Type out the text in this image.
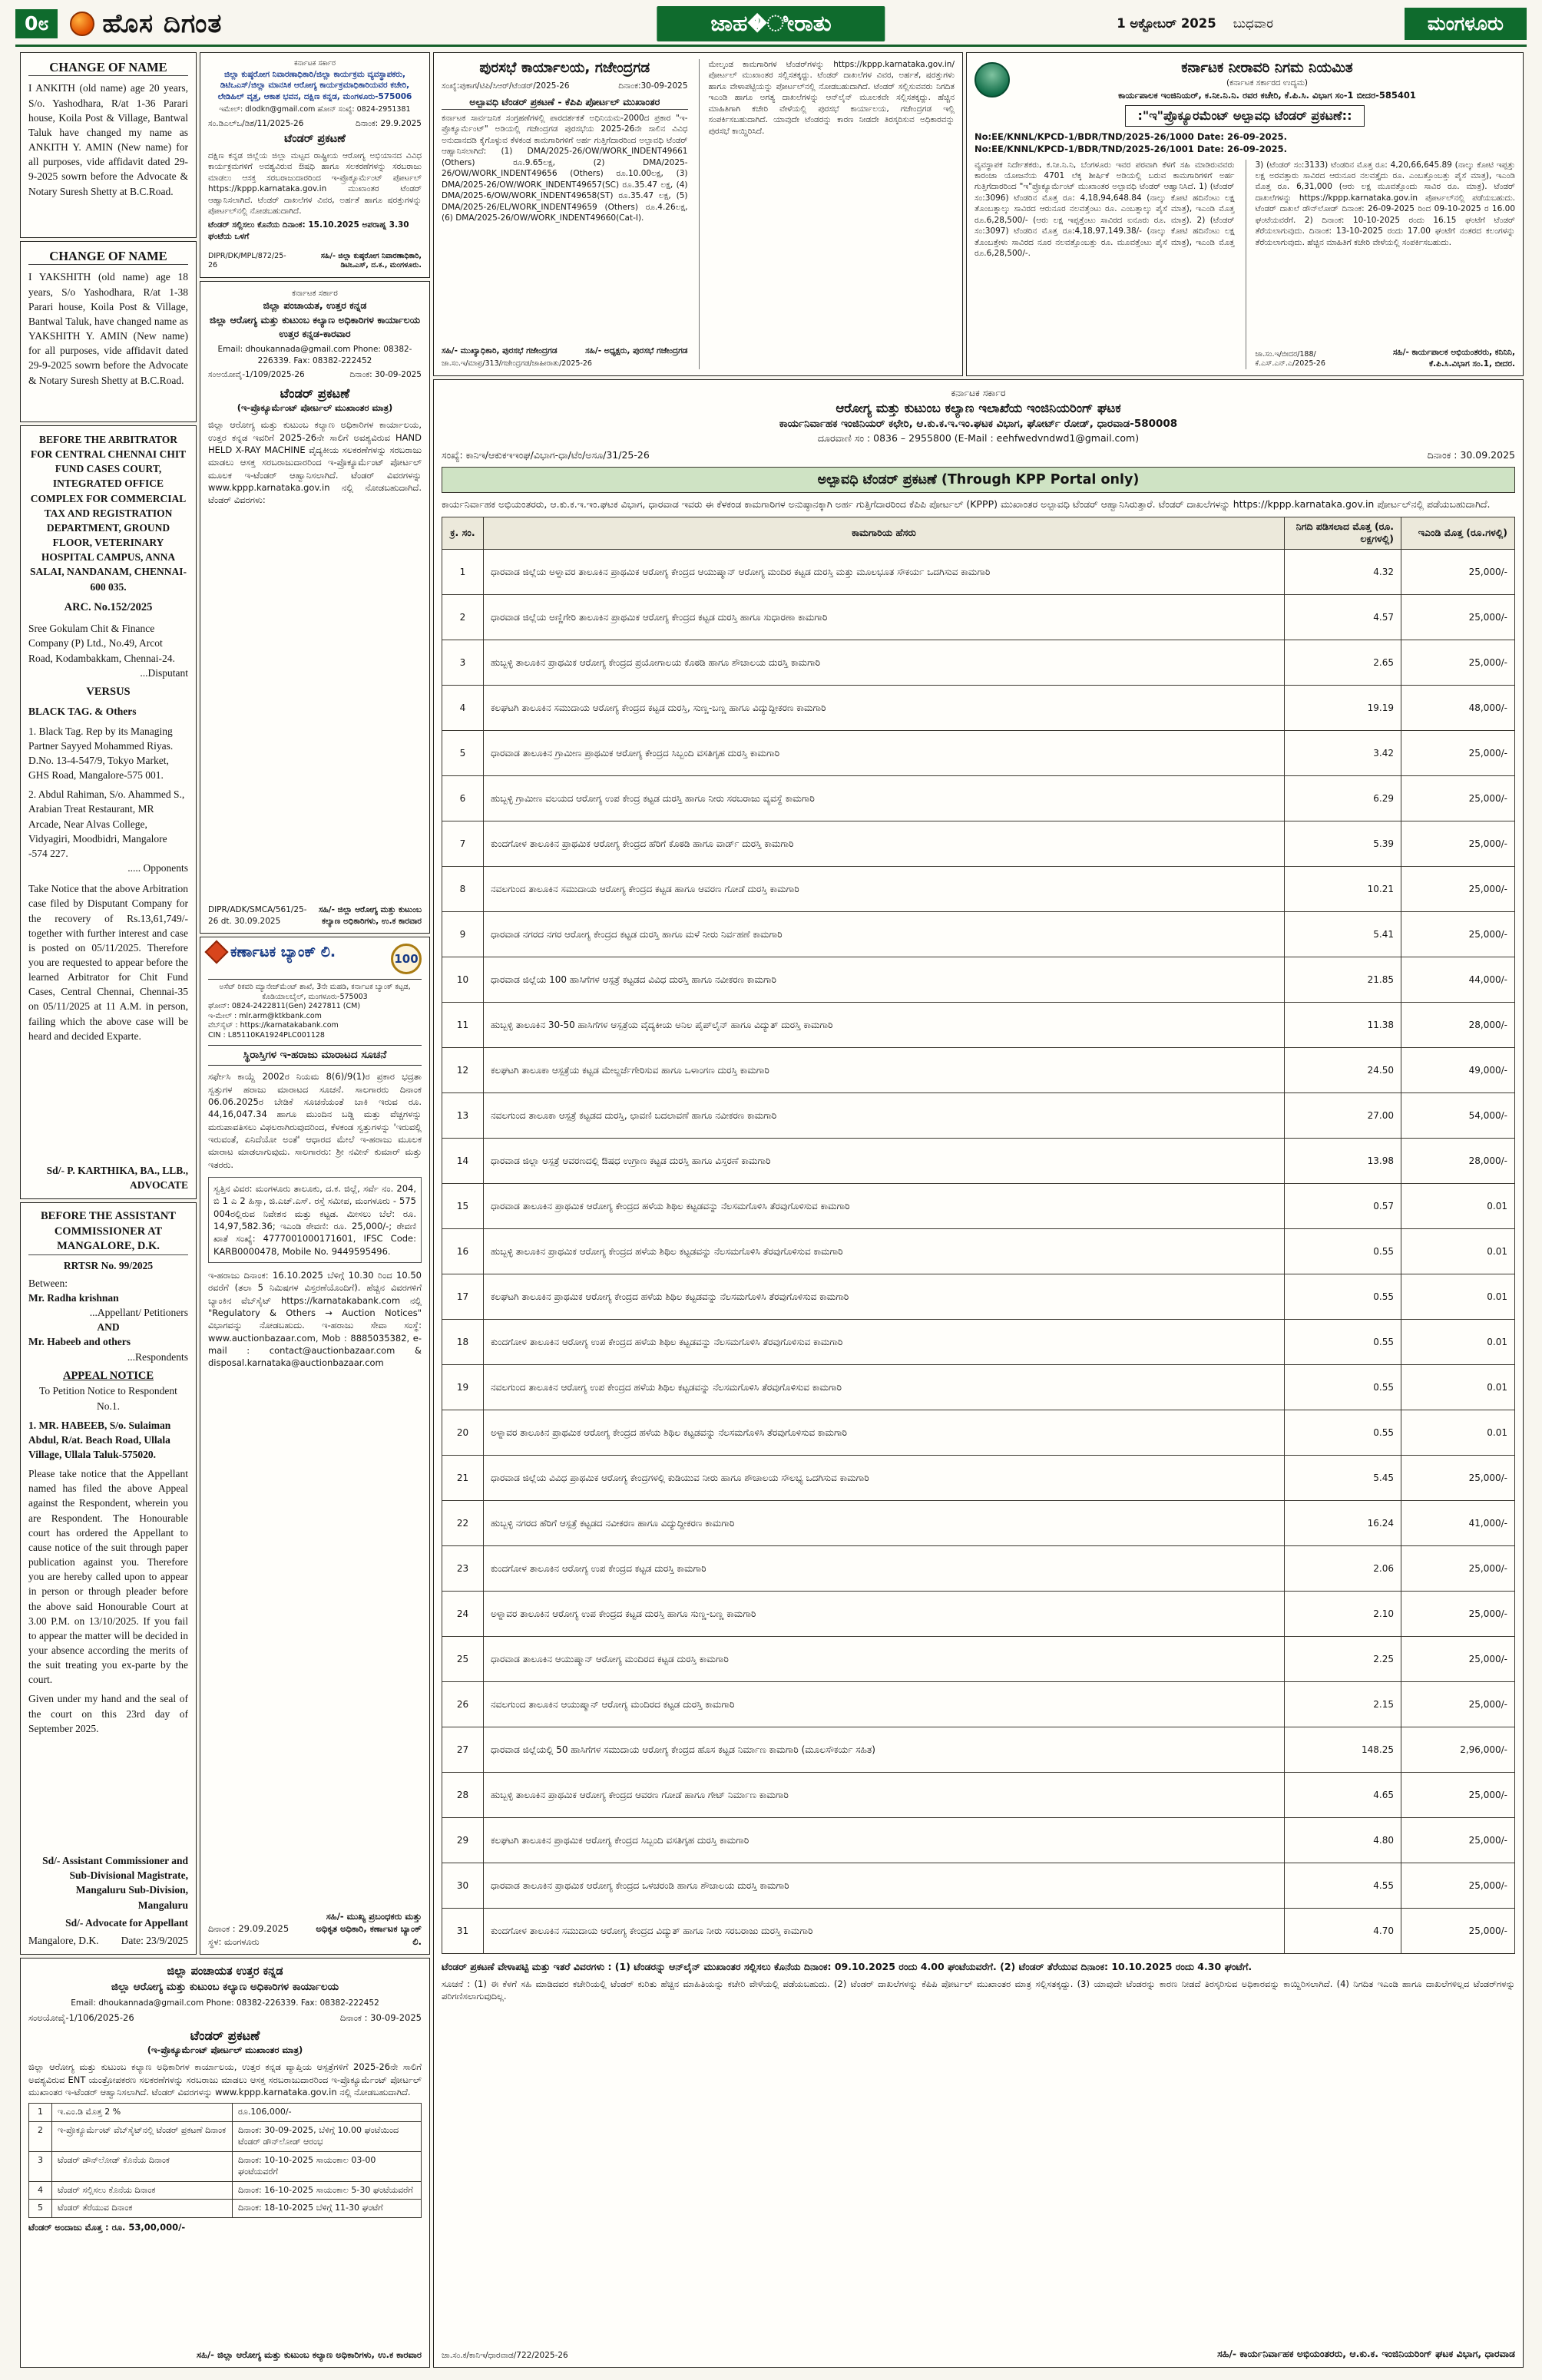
0೮	ಹೊಸ ದಿಗಂತ	ಜಾಹ�ೀರಾತು	1 ಅಕ್ಟೋಬರ್ 2025 ಬುಧವಾರ	ಮಂಗಳೂರು
CHANGE OF NAME

I ANKITH (old name) age 20 years, S/o. Yashodhara, R/at 1-36 Parari house, Koila Post & Village, Bantwal Taluk have changed my name as ANKITH Y. AMIN (New name) for all purposes, vide affidavit dated 29-9-2025 sowrn before the Advocate & Notary Suresh Shetty at B.C.Road.

CHANGE OF NAME

I YAKSHITH (old name) age 18 years, S/o Yashodhara, R/at 1-38 Parari house, Koila Post & Village, Bantwal Taluk, have changed name as YAKSHITH Y. AMIN (New name) for all purposes, vide affidavit dated 29-9-2025 sowrn before the Advocate & Notary Suresh Shetty at B.C.Road.

BEFORE THE ARBITRATOR FOR CENTRAL CHENNAI CHIT FUND CASES COURT, INTEGRATED OFFICE COMPLEX FOR COMMERCIAL TAX AND REGISTRATION DEPARTMENT, GROUND FLOOR, VETERINARY HOSPITAL CAMPUS, ANNA SALAI, NANDANAM, CHENNAI-600 035.
ARC. No.152/2025

Sree Gokulam Chit & Finance Company (P) Ltd., No.49, Arcot Road, Kodambakkam, Chennai-24.

...Disputant
VERSUS
BLACK TAG. & Others

1. Black Tag. Rep by its Managing Partner Sayyed Mohammed Riyas. D.No. 13-4-547/9, Tokyo Market, GHS Road, Mangalore-575 001.

2. Abdul Rahiman, S/o. Ahammed S., Arabian Treat Restaurant, MR Arcade, Near Alvas College, Vidyagiri, Moodbidri, Mangalore -574 227.

..... Opponents

Take Notice that the above Arbitration case filed by Disputant Company for the recovery of Rs.13,61,749/- together with further interest and case is posted on 05/11/2025. Therefore you are requested to appear before the learned Arbitrator for Chit Fund Cases, Central Chennai, Chennai-35 on 05/11/2025 at 11 A.M. in person, failing which the above case will be heard and decided Exparte.

Sd/- P. KARTHIKA, BA., LLB.,
ADVOCATE
BEFORE THE ASSISTANT COMMISSIONER AT MANGALORE, D.K.
RRTSR No. 99/2025
Between:
Mr. Radha krishnan
...Appellant/ Petitioners
AND
Mr. Habeeb and others
...Respondents
APPEAL NOTICE
To Petition Notice to Respondent No.1.

1. MR. HABEEB, S/o. Sulaiman Abdul, R/at. Beach Road, Ullala Village, Ullala Taluk-575020.

Please take notice that the Appellant named has filed the above Appeal against the Respondent, wherein you are Respondent. The Honourable court has ordered the Appellant to cause notice of the suit through paper publication against you. Therefore you are hereby called upon to appear in person or through pleader before the above said Honourable Court at 3.00 P.M. on 13/10/2025. If you fail to appear the matter will be decided in your absence according the merits of the suit treating you ex-parte by the court.

Given under my hand and the seal of the court on this 23rd day of September 2025.

Sd/- Assistant Commissioner and Sub-Divisional Magistrate, Mangaluru Sub-Division, Mangaluru

Sd/- Advocate for Appellant

Mangalore, D.K. Date: 23/9/2025
ಕರ್ನಾಟಕ ಸರ್ಕಾರ
ಜಿಲ್ಲಾ ಕುಷ್ಠರೋಗ ನಿವಾರಣಾಧಿಕಾರಿ/ಜಿಲ್ಲಾ ಕಾರ್ಯಕ್ರಮ ವ್ಯವಸ್ಥಾಪಕರು, ಡಿಟಿಒಎಸ್/ಜಿಲ್ಲಾ ಮಾನಸಿಕ ಆರೋಗ್ಯ ಕಾರ್ಯಕ್ರಮಾಧಿಕಾರಿಯವರ ಕಚೇರಿ,
ಲೇಡಿಹಿಲ್ ವೃತ್ತ, ಆಕಾಶ ಭವನ, ದಕ್ಷಿಣ ಕನ್ನಡ, ಮಂಗಳೂರು-575006
ಇಮೇಲ್: dlodkn@gmail.com ಹೋನ್ ಸಂಖ್ಯೆ: 0824-2951381
ಸಂ.ಡಿಎಲ್ಒ/ಡಿಶ/11/2025-26	ದಿನಾಂಕ: 29.9.2025
ಟೆಂಡರ್ ಪ್ರಕಟಣೆ

ದಕ್ಷಿಣ ಕನ್ನಡ ಜಿಲ್ಲೆಯ ಜಿಲ್ಲಾ ಮಟ್ಟದ ರಾಷ್ಟ್ರೀಯ ಆರೋಗ್ಯ ಅಭಿಯಾನದ ವಿವಿಧ ಕಾರ್ಯಕ್ರಮಗಳಿಗೆ ಅವಶ್ಯವಿರುವ ಔಷಧಿ ಹಾಗೂ ಸಲಕರಣೆಗಳನ್ನು ಸರಬರಾಜು ಮಾಡಲು ಆಸಕ್ತ ಸರಬರಾಜುದಾರರಿಂದ ಇ-ಪ್ರೊಕ್ಯೂರ್ಮೆಂಟ್ ಪೋರ್ಟಲ್ https://kppp.karnataka.gov.in ಮುಖಾಂತರ ಟೆಂಡರ್ ಆಹ್ವಾನಿಸಲಾಗಿದೆ. ಟೆಂಡರ್ ದಾಖಲೆಗಳ ವಿವರ, ಅರ್ಹತೆ ಹಾಗೂ ಷರತ್ತುಗಳನ್ನು ಪೋರ್ಟಲ್‌ನಲ್ಲಿ ನೋಡಬಹುದಾಗಿದೆ.

ಟೆಂಡರ್ ಸಲ್ಲಿಸಲು ಕೊನೆಯ ದಿನಾಂಕ: 15.10.2025 ಅಪರಾಹ್ನ 3.30 ಘಂಟೆಯ ಒಳಗೆ

DIPR/DK/MPL/872/25-26
ಸಹಿ/- ಜಿಲ್ಲಾ ಕುಷ್ಠರೋಗ ನಿವಾರಣಾಧಿಕಾರಿ, ಡಿಟಿಒಎಸ್, ದ.ಕ., ಮಂಗಳೂರು.
ಕರ್ನಾಟಕ ಸರ್ಕಾರ
ಜಿಲ್ಲಾ ಪಂಚಾಯತ, ಉತ್ತರ ಕನ್ನಡ
ಜಿಲ್ಲಾ ಆರೋಗ್ಯ ಮತ್ತು ಕುಟುಂಬ ಕಲ್ಯಾಣ ಅಧಿಕಾರಿಗಳ ಕಾರ್ಯಾಲಯ
ಉತ್ತರ ಕನ್ನಡ-ಕಾರವಾರ
Email: dhoukannada@gmail.com Phone: 08382-226339. Fax: 08382-222452
ಸಂಅಯೋವೈ-1/109/2025-26	ದಿನಾಂಕ: 30-09-2025
ಟೆಂಡರ್ ಪ್ರಕಟಣೆ
(ಇ-ಪ್ರೊಕ್ಯೂರ್ಮೆಂಟ್ ಪೋರ್ಟಲ್ ಮುಖಾಂತರ ಮಾತ್ರ)

ಜಿಲ್ಲಾ ಆರೋಗ್ಯ ಮತ್ತು ಕುಟುಂಬ ಕಲ್ಯಾಣ ಅಧಿಕಾರಿಗಳ ಕಾರ್ಯಾಲಯ, ಉತ್ತರ ಕನ್ನಡ ಇವರಿಗೆ 2025-26ನೇ ಸಾಲಿಗೆ ಅವಶ್ಯವಿರುವ HAND HELD X-RAY MACHINE ವೈದ್ಯಕೀಯ ಸಲಕರಣೆಗಳನ್ನು ಸರಬರಾಜು ಮಾಡಲು ಆಸಕ್ತ ಸರಬರಾಜುದಾರರಿಂದ ಇ-ಪ್ರೊಕ್ಯೂರ್ಮೆಂಟ್ ಪೋರ್ಟಲ್ ಮೂಲಕ ಇ-ಟೆಂಡರ್ ಆಹ್ವಾನಿಸಲಾಗಿದೆ. ಟೆಂಡರ್ ವಿವರಗಳನ್ನು www.kppp.karnataka.gov.in ನಲ್ಲಿ ನೋಡಬಹುದಾಗಿದೆ. ಟೆಂಡರ್ ವಿವರಗಳು:

DIPR/ADK/SMCA/561/25-26 dt. 30.09.2025
ಸಹಿ/- ಜಿಲ್ಲಾ ಆರೋಗ್ಯ ಮತ್ತು ಕುಟುಂಬ ಕಲ್ಯಾಣ ಅಧಿಕಾರಿಗಳು, ಉ.ಕ ಕಾರವಾರ
ಕರ್ಣಾಟಕ ಬ್ಯಾಂಕ್ ಲಿ.	100
ಅಸೆಟ್ ರಿಕವರಿ ಮ್ಯಾನೇಜ್‌ಮೆಂಟ್ ಶಾಖೆ, 3ನೇ ಮಹಡಿ, ಕರ್ನಾಟಕ ಬ್ಯಾಂಕ್ ಕಟ್ಟಡ, ಕೊಡಿಯಾಲಬೈಲ್, ಮಂಗಳೂರು-575003
ಘೋನ್: 0824-2422811(Gen) 2427811 (CM)
ಇ-ಮೇಲ್ : mlr.arm@ktkbank.com
ವೆಬ್‌ಸೈಟ್ : https://karnatakabank.com
CIN : L85110KA1924PLC001128
ಸ್ಥಿರಾಸ್ತಿಗಳ ಇ-ಹರಾಜು ಮಾರಾಟದ ಸೂಚನೆ

ಸರ್ಫೇಸಿ ಕಾಯ್ದೆ 2002ರ ನಿಯಮ 8(6)/9(1)ರ ಪ್ರಕಾರ ಭದ್ರತಾ ಸ್ವತ್ತುಗಳ ಹರಾಜು ಮಾರಾಟದ ಸೂಚನೆ. ಸಾಲಗಾರರು ದಿನಾಂಕ 06.06.2025ರ ಬೇಡಿಕೆ ಸೂಚನೆಯಂತೆ ಬಾಕಿ ಇರುವ ರೂ. 44,16,047.34 ಹಾಗೂ ಮುಂದಿನ ಬಡ್ಡಿ ಮತ್ತು ವೆಚ್ಚಗಳನ್ನು ಮರುಪಾವತಿಸಲು ವಿಫಲರಾಗಿರುವುದರಿಂದ, ಕೆಳಕಂಡ ಸ್ವತ್ತುಗಳನ್ನು 'ಇರುವಲ್ಲಿ ಇರುವಂತೆ, ಏನಿದೆಯೋ ಅಂತೆ' ಆಧಾರದ ಮೇಲೆ ಇ-ಹರಾಜು ಮೂಲಕ ಮಾರಾಟ ಮಾಡಲಾಗುವುದು. ಸಾಲಗಾರರು: ಶ್ರೀ ನವೀನ್ ಕುಮಾರ್ ಮತ್ತು ಇತರರು.

ಸ್ವತ್ತಿನ ವಿವರ: ಮಂಗಳೂರು ತಾಲೂಕು, ದ.ಕ. ಜಿಲ್ಲೆ, ಸರ್ವೆ ನಂ. 204, ಬಿ 1 ಎ 2 ಹಿಸ್ಸಾ, ಜಿ.ಎಚ್.ಎಸ್. ರಸ್ತೆ ಸಮೀಪ, ಮಂಗಳೂರು - 575 004ರಲ್ಲಿರುವ ನಿವೇಶನ ಮತ್ತು ಕಟ್ಟಡ. ಮೀಸಲು ಬೆಲೆ: ರೂ. 14,97,582.36; ಇಎಂಡಿ ಠೇವಣಿ: ರೂ. 25,000/-; ಠೇವಣಿ ಖಾತೆ ಸಂಖ್ಯೆ: 4777001000171601, IFSC Code: KARB0000478, Mobile No. 9449595496.

ಇ-ಹರಾಜು ದಿನಾಂಕ: 16.10.2025 ಬೆಳಿಗ್ಗೆ 10.30 ರಿಂದ 10.50 ರವರೆಗೆ (ತಲಾ 5 ನಿಮಿಷಗಳ ವಿಸ್ತರಣೆಯೊಂದಿಗೆ). ಹೆಚ್ಚಿನ ವಿವರಗಳಿಗೆ ಬ್ಯಾಂಕಿನ ವೆಬ್‌ಸೈಟ್ https://karnatakabank.com ನಲ್ಲಿ "Regulatory & Others → Auction Notices" ವಿಭಾಗವನ್ನು ನೋಡಬಹುದು. ಇ-ಹರಾಜು ಸೇವಾ ಸಂಸ್ಥೆ: www.auctionbazaar.com, Mob : 8885035382, e-mail : contact@auctionbazaar.com & disposal.karnataka@auctionbazaar.com

ದಿನಾಂಕ : 29.09.2025
ಸ್ಥಳ: ಮಂಗಳೂರು
ಸಹಿ/- ಮುಖ್ಯ ಪ್ರಬಂಧಕರು ಮತ್ತು ಅಧಿಕೃತ ಅಧಿಕಾರಿ, ಕರ್ಣಾಟಕ ಬ್ಯಾಂಕ್ ಲಿ.
ಜಿಲ್ಲಾ ಪಂಚಾಯತ ಉತ್ತರ ಕನ್ನಡ
ಜಿಲ್ಲಾ ಆರೋಗ್ಯ ಮತ್ತು ಕುಟುಂಬ ಕಲ್ಯಾಣ ಅಧಿಕಾರಿಗಳ ಕಾರ್ಯಾಲಯ
Email: dhoukannada@gmail.com Phone: 08382-226339. Fax: 08382-222452
ಸಂಅಯೋವೈ-1/106/2025-26	ದಿನಾಂಕ : 30-09-2025
ಟೆಂಡರ್ ಪ್ರಕಟಣೆ
(ಇ-ಪ್ರೊಕ್ಯೂರ್ಮೆಂಟ್ ಪೋರ್ಟಲ್ ಮುಖಾಂತರ ಮಾತ್ರ)

ಜಿಲ್ಲಾ ಆರೋಗ್ಯ ಮತ್ತು ಕುಟುಂಬ ಕಲ್ಯಾಣ ಅಧಿಕಾರಿಗಳ ಕಾರ್ಯಾಲಯ, ಉತ್ತರ ಕನ್ನಡ ವ್ಯಾಪ್ತಿಯ ಆಸ್ಪತ್ರೆಗಳಿಗೆ 2025-26ನೇ ಸಾಲಿಗೆ ಅವಶ್ಯವಿರುವ ENT ಯಂತ್ರೋಪಕರಣ ಸಲಕರಣೆಗಳನ್ನು ಸರಬರಾಜು ಮಾಡಲು ಆಸಕ್ತ ಸರಬರಾಜುದಾರರಿಂದ ಇ-ಪ್ರೊಕ್ಯೂರ್ಮೆಂಟ್ ಪೋರ್ಟಲ್ ಮುಖಾಂತರ ಇ-ಟೆಂಡರ್ ಆಹ್ವಾನಿಸಲಾಗಿದೆ. ಟೆಂಡರ್ ವಿವರಗಳನ್ನು www.kppp.karnataka.gov.in ನಲ್ಲಿ ನೋಡಬಹುದಾಗಿದೆ.

1	ಇ.ಎಂ.ಡಿ ಮೊತ್ತ 2 %	ರೂ.106,000/-
2	ಇ-ಪ್ರೊಕ್ಯೂರ್ಮೆಂಟ್ ವೆಬ್‌ಸೈಟ್‌ನಲ್ಲಿ ಟೆಂಡರ್ ಪ್ರಕಟಣೆ ದಿನಾಂಕ	ದಿನಾಂಕ: 30-09-2025, ಬೆಳಿಗ್ಗೆ 10.00 ಘಂಟೆಯಿಂದ ಟೆಂಡರ್ ಡೌನ್‌ಲೋಡ್ ಆರಂಭ
3	ಟೆಂಡರ್ ಡೌನ್‌ಲೋಡ್ ಕೊನೆಯ ದಿನಾಂಕ	ದಿನಾಂಕ: 10-10-2025 ಸಾಯಂಕಾಲ 03-00 ಘಂಟೆಯವರೆಗೆ
4	ಟೆಂಡರ್ ಸಲ್ಲಿಸಲು ಕೊನೆಯ ದಿನಾಂಕ	ದಿನಾಂಕ: 16-10-2025 ಸಾಯಂಕಾಲ 5-30 ಘಂಟೆಯವರೆಗೆ
5	ಟೆಂಡರ್ ತೆರೆಯುವ ದಿನಾಂಕ	ದಿನಾಂಕ: 18-10-2025 ಬೆಳಿಗ್ಗೆ 11-30 ಘಂಟೆಗೆ
ಟೆಂಡರ್ ಅಂದಾಜು ಮೊತ್ತ : ರೂ. 53,00,000/-
ಸಹಿ/- ಜಿಲ್ಲಾ ಆರೋಗ್ಯ ಮತ್ತು ಕುಟುಂಬ ಕಲ್ಯಾಣ ಅಧಿಕಾರಿಗಳು, ಉ.ಕ ಕಾರವಾರ
ಪುರಸಭೆ ಕಾರ್ಯಾಲಯ, ಗಜೇಂದ್ರಗಡ
ಸಂಖ್ಯೆ:ಪುಕಾಗ/ಟಿಪಿ/ಸಿಆರ್/ಟೆಂಡರ್/2025-26	ದಿನಾಂಕ:30-09-2025
ಅಲ್ಪಾವಧಿ ಟೆಂಡರ್ ಪ್ರಕಟಣೆ - ಕೆಪಿಪಿ ಪೋರ್ಟಲ್ ಮುಖಾಂತರ

ಕರ್ನಾಟಕ ಸಾರ್ವಜನಿಕ ಸಂಗ್ರಹಣೆಗಳಲ್ಲಿ ಪಾರದರ್ಶಕತೆ ಅಧಿನಿಯಮ-2000ದ ಪ್ರಕಾರ "ಇ-ಪ್ರೊಕ್ಯೂರ್ಮೆಂಟ್" ಅಡಿಯಲ್ಲಿ ಗಜೇಂದ್ರಗಡ ಪುರಸಭೆಯ 2025-26ನೇ ಸಾಲಿನ ವಿವಿಧ ಅನುದಾನದಡಿ ಕೈಗೊಳ್ಳುವ ಕೆಳಕಂಡ ಕಾಮಗಾರಿಗಳಿಗೆ ಅರ್ಹ ಗುತ್ತಿಗೆದಾರರಿಂದ ಅಲ್ಪಾವಧಿ ಟೆಂಡರ್ ಆಹ್ವಾನಿಸಲಾಗಿದೆ: (1) DMA/2025-26/OW/WORK_INDENT49661 (Others) ರೂ.9.65ಲಕ್ಷ, (2) DMA/2025-26/OW/WORK_INDENT49656 (Others) ರೂ.10.00ಲಕ್ಷ, (3) DMA/2025-26/OW/WORK_INDENT49657(SC) ರೂ.35.47 ಲಕ್ಷ, (4) DMA/2025-6/OW/WORK_INDENT49658(ST) ರೂ.35.47 ಲಕ್ಷ, (5) DMA/2025-26/EL/WORK_INDENT49659 (Others) ರೂ.4.26ಲಕ್ಷ, (6) DMA/2025-26/OW/WORK_INDENT49660(Cat-I).

ಸಹಿ/- ಮುಖ್ಯಾಧಿಕಾರಿ, ಪುರಸಭೆ ಗಜೇಂದ್ರಗಡ	ಸಹಿ/- ಅಧ್ಯಕ್ಷರು, ಪುರಸಭೆ ಗಜೇಂದ್ರಗಡ
ಜಾ.ಸಂ.ಇ/ಮಾಪ್ರ/313/ಗಜೇಂದ್ರಗಡ/ಜಾಹೀರಾತು/2025-26

ಮೇಲ್ಕಂಡ ಕಾಮಗಾರಿಗಳ ಟೆಂಡರ್‌ಗಳನ್ನು https://kppp.karnataka.gov.in/ ಪೋರ್ಟಲ್ ಮುಖಾಂತರ ಸಲ್ಲಿಸತಕ್ಕದ್ದು. ಟೆಂಡರ್ ದಾಖಲೆಗಳ ವಿವರ, ಅರ್ಹತೆ, ಷರತ್ತುಗಳು ಹಾಗೂ ವೇಳಾಪಟ್ಟಿಯನ್ನು ಪೋರ್ಟಲ್‌ನಲ್ಲಿ ನೋಡಬಹುದಾಗಿದೆ. ಟೆಂಡರ್ ಸಲ್ಲಿಸುವವರು ನಿಗದಿತ ಇಎಂಡಿ ಹಾಗೂ ಅಗತ್ಯ ದಾಖಲೆಗಳನ್ನು ಆನ್‌ಲೈನ್ ಮೂಲಕವೇ ಸಲ್ಲಿಸತಕ್ಕದ್ದು. ಹೆಚ್ಚಿನ ಮಾಹಿತಿಗಾಗಿ ಕಚೇರಿ ವೇಳೆಯಲ್ಲಿ ಪುರಸಭೆ ಕಾರ್ಯಾಲಯ, ಗಜೇಂದ್ರಗಡ ಇಲ್ಲಿ ಸಂಪರ್ಕಿಸಬಹುದಾಗಿದೆ. ಯಾವುದೇ ಟೆಂಡರನ್ನು ಕಾರಣ ನೀಡದೇ ತಿರಸ್ಕರಿಸುವ ಅಧಿಕಾರವನ್ನು ಪುರಸಭೆ ಕಾಯ್ದಿರಿಸಿದೆ.

ಕರ್ನಾಟಕ ನೀರಾವರಿ ನಿಗಮ ನಿಯಮಿತ
(ಕರ್ನಾಟಕ ಸರ್ಕಾರದ ಉದ್ಯಮ)
ಕಾರ್ಯಪಾಲಕ ಇಂಜಿನಿಯರ್, ಕ.ನೀ.ನಿ.ನಿ. ರವರ ಕಚೇರಿ, ಕೆ.ಪಿ.ಸಿ. ವಿಭಾಗ ಸಂ-1 ಬೀದರ-585401
:"ಇ"ಪ್ರೊಕ್ಯೂರಮೆಂಟ್ ಅಲ್ಪಾವಧಿ ಟೆಂಡರ್ ಪ್ರಕಟಣೆ::
No:EE/KNNL/KPCD-1/BDR/TND/2025-26/1000 Date: 26-09-2025.
No:EE/KNNL/KPCD-1/BDR/TND/2025-26/1001 Date: 26-09-2025.

ವ್ಯವಸ್ಥಾಪಕ ನಿರ್ದೇಶಕರು, ಕ.ನೀ.ನಿ.ನಿ, ಬೆಂಗಳೂರು ಇವರ ಪರವಾಗಿ ಕೆಳಗೆ ಸಹಿ ಮಾಡಿರುವವರು ಕಾರಂಜಾ ಯೋಜನೆಯ 4701 ಲೆಕ್ಕ ಶೀರ್ಷಿಕೆ ಅಡಿಯಲ್ಲಿ ಬರುವ ಕಾಮಗಾರಿಗಳಿಗೆ ಅರ್ಹ ಗುತ್ತಿಗೆದಾರರಿಂದ "ಇ"ಪ್ರೊಕ್ಯೂರ್ಮೆಂಟ್ ಮುಖಾಂತರ ಅಲ್ಪಾವಧಿ ಟೆಂಡರ್ ಆಹ್ವಾನಿಸಿದೆ. 1) (ಟೆಂಡರ್ ಸಂ:3096) ಟೆಂಡರಿನ ಮೊತ್ತ ರೂ: 4,18,94,648.84 (ನಾಲ್ಕು ಕೋಟಿ ಹದಿನೆಂಟು ಲಕ್ಷ ತೊಂಬತ್ನಾಲ್ಕು ಸಾವಿರದ ಆರುನೂರ ನಲವತ್ತೆಂಟು ರೂ. ಎಂಬತ್ನಾಲ್ಕು ಪೈಸೆ ಮಾತ್ರ), ಇಎಂಡಿ ಮೊತ್ತ ರೂ.6,28,500/- (ಆರು ಲಕ್ಷ ಇಪ್ಪತ್ತೆಂಟು ಸಾವಿರದ ಐನೂರು ರೂ. ಮಾತ್ರ). 2) (ಟೆಂಡರ್ ಸಂ:3097) ಟೆಂಡರಿನ ಮೊತ್ತ ರೂ:4,18,97,149.38/- (ನಾಲ್ಕು ಕೋಟಿ ಹದಿನೆಂಟು ಲಕ್ಷ ತೊಂಬತ್ತೇಳು ಸಾವಿರದ ನೂರ ನಲವತ್ತೊಂಬತ್ತು ರೂ. ಮೂವತ್ತೆಂಟು ಪೈಸೆ ಮಾತ್ರ), ಇಎಂಡಿ ಮೊತ್ತ ರೂ.6,28,500/-.

3) (ಟೆಂಡರ್ ಸಂ:3133) ಟೆಂಡರಿನ ಮೊತ್ತ ರೂ: 4,20,66,645.89 (ನಾಲ್ಕು ಕೋಟಿ ಇಪ್ಪತ್ತು ಲಕ್ಷ ಅರವತ್ತಾರು ಸಾವಿರದ ಆರುನೂರ ನಲವತ್ತೈದು ರೂ. ಎಂಬತ್ತೊಂಬತ್ತು ಪೈಸೆ ಮಾತ್ರ), ಇಎಂಡಿ ಮೊತ್ತ ರೂ. 6,31,000 (ಆರು ಲಕ್ಷ ಮೂವತ್ತೊಂದು ಸಾವಿರ ರೂ. ಮಾತ್ರ). ಟೆಂಡರ್ ದಾಖಲೆಗಳನ್ನು https://kppp.karnataka.gov.in ಪೋರ್ಟಲ್‌ನಲ್ಲಿ ಪಡೆಯಬಹುದು. ಟೆಂಡರ್ ದಾಖಲೆ ಡೌನ್‌ಲೋಡ್ ದಿನಾಂಕ: 26-09-2025 ರಿಂದ 09-10-2025 ರ 16.00 ಘಂಟೆಯವರೆಗೆ. 2) ದಿನಾಂಕ: 10-10-2025 ರಂದು 16.15 ಘಂಟೆಗೆ ಟೆಂಡರ್ ತೆರೆಯಲಾಗುವುದು. ದಿನಾಂಕ: 13-10-2025 ರಂದು 17.00 ಘಂಟೆಗೆ ನಂತರದ ಕಲಂಗಳನ್ನು ತೆರೆಯಲಾಗುವುದು. ಹೆಚ್ಚಿನ ಮಾಹಿತಿಗೆ ಕಚೇರಿ ವೇಳೆಯಲ್ಲಿ ಸಂಪರ್ಕಿಸಬಹುದು.

ಜಾ.ಸಂ.ಇ/ಬೀದರ/188/ಕೆ.ಎಸ್.ಎನ್.ಎ/2025-26
ಸಹಿ/- ಕಾರ್ಯಪಾಲಕ ಅಭಿಯಂತರರು, ಕನಿನಿನಿ, ಕೆ.ಪಿ.ಸಿ.ವಿಭಾಗ ಸಂ.1, ಬೀದರ.
ಕರ್ನಾಟಕ ಸರ್ಕಾರ
ಆರೋಗ್ಯ ಮತ್ತು ಕುಟುಂಬ ಕಲ್ಯಾಣ ಇಲಾಖೆಯ ಇಂಜಿನಿಯರಿಂಗ್ ಘಟಕ
ಕಾರ್ಯನಿರ್ವಾಹಕ ಇಂಜಿನಿಯರ್ ಕಛೇರಿ, ಆ.ಕು.ಕ.ಇ.ಇಂ.ಘಟಕ ವಿಭಾಗ, ಘೋರ್ಟ್ ರೋಡ್, ಧಾರವಾಡ-580008
ದೂರವಾಣಿ ಸಂ : 0836 – 2955800 (E-Mail : eehfwedvndwd1@gmail.com)
ಸಂಖ್ಯೆ: ಕಾನಿಇ/ಆಕುಕಇಇಂಘ/ವಿಭಾಗ-ಧಾ/ಟೆಂ/ಅಸೂ/31/25-26	ದಿನಾಂಕ : 30.09.2025
ಅಲ್ಪಾವಧಿ ಟೆಂಡರ್ ಪ್ರಕಟಣೆ (Through KPP Portal only)

ಕಾರ್ಯನಿರ್ವಾಹಕ ಅಭಿಯಂತರರು, ಆ.ಕು.ಕ.ಇ.ಇಂ.ಘಟಕ ವಿಭಾಗ, ಧಾರವಾಡ ಇವರು ಈ ಕೆಳಕಂಡ ಕಾಮಗಾರಿಗಳ ಅನುಷ್ಠಾನಕ್ಕಾಗಿ ಅರ್ಹ ಗುತ್ತಿಗೆದಾರರಿಂದ ಕೆಪಿಪಿ ಪೋರ್ಟಲ್ (KPPP) ಮುಖಾಂತರ ಅಲ್ಪಾವಧಿ ಟೆಂಡರ್ ಆಹ್ವಾನಿಸಿರುತ್ತಾರೆ. ಟೆಂಡರ್ ದಾಖಲೆಗಳನ್ನು https://kppp.karnataka.gov.in ಪೋರ್ಟಲ್‌ನಲ್ಲಿ ಪಡೆಯಬಹುದಾಗಿದೆ.

ಕ್ರ. ಸಂ.	ಕಾಮಗಾರಿಯ ಹೆಸರು	ನಿಗದಿ ಪಡಿಸಲಾದ ಮೊತ್ತ (ರೂ. ಲಕ್ಷಗಳಲ್ಲಿ)	ಇಎಂಡಿ ಮೊತ್ತ (ರೂ.ಗಳಲ್ಲಿ)
1	ಧಾರವಾಡ ಜಿಲ್ಲೆಯ ಅಳ್ನಾವರ ತಾಲೂಕಿನ ಪ್ರಾಥಮಿಕ ಆರೋಗ್ಯ ಕೇಂದ್ರದ ಆಯುಷ್ಮಾನ್ ಆರೋಗ್ಯ ಮಂದಿರ ಕಟ್ಟಡ ದುರಸ್ತಿ ಮತ್ತು ಮೂಲಭೂತ ಸೌಕರ್ಯ ಒದಗಿಸುವ ಕಾಮಗಾರಿ	4.32	25,000/-
2	ಧಾರವಾಡ ಜಿಲ್ಲೆಯ ಅಣ್ಣಿಗೇರಿ ತಾಲೂಕಿನ ಪ್ರಾಥಮಿಕ ಆರೋಗ್ಯ ಕೇಂದ್ರದ ಕಟ್ಟಡ ದುರಸ್ತಿ ಹಾಗೂ ಸುಧಾರಣಾ ಕಾಮಗಾರಿ	4.57	25,000/-
3	ಹುಬ್ಬಳ್ಳಿ ತಾಲೂಕಿನ ಪ್ರಾಥಮಿಕ ಆರೋಗ್ಯ ಕೇಂದ್ರದ ಪ್ರಯೋಗಾಲಯ ಕೊಠಡಿ ಹಾಗೂ ಶೌಚಾಲಯ ದುರಸ್ತಿ ಕಾಮಗಾರಿ	2.65	25,000/-
4	ಕಲಘಟಗಿ ತಾಲೂಕಿನ ಸಮುದಾಯ ಆರೋಗ್ಯ ಕೇಂದ್ರದ ಕಟ್ಟಡ ದುರಸ್ತಿ, ಸುಣ್ಣ-ಬಣ್ಣ ಹಾಗೂ ವಿದ್ಯುದ್ದೀಕರಣ ಕಾಮಗಾರಿ	19.19	48,000/-
5	ಧಾರವಾಡ ತಾಲೂಕಿನ ಗ್ರಾಮೀಣ ಪ್ರಾಥಮಿಕ ಆರೋಗ್ಯ ಕೇಂದ್ರದ ಸಿಬ್ಬಂದಿ ವಸತಿಗೃಹ ದುರಸ್ತಿ ಕಾಮಗಾರಿ	3.42	25,000/-
6	ಹುಬ್ಬಳ್ಳಿ ಗ್ರಾಮೀಣ ವಲಯದ ಆರೋಗ್ಯ ಉಪ ಕೇಂದ್ರ ಕಟ್ಟಡ ದುರಸ್ತಿ ಹಾಗೂ ನೀರು ಸರಬರಾಜು ವ್ಯವಸ್ಥೆ ಕಾಮಗಾರಿ	6.29	25,000/-
7	ಕುಂದಗೋಳ ತಾಲೂಕಿನ ಪ್ರಾಥಮಿಕ ಆರೋಗ್ಯ ಕೇಂದ್ರದ ಹೆರಿಗೆ ಕೊಠಡಿ ಹಾಗೂ ವಾರ್ಡ್ ದುರಸ್ತಿ ಕಾಮಗಾರಿ	5.39	25,000/-
8	ನವಲಗುಂದ ತಾಲೂಕಿನ ಸಮುದಾಯ ಆರೋಗ್ಯ ಕೇಂದ್ರದ ಕಟ್ಟಡ ಹಾಗೂ ಆವರಣ ಗೋಡೆ ದುರಸ್ತಿ ಕಾಮಗಾರಿ	10.21	25,000/-
9	ಧಾರವಾಡ ನಗರದ ನಗರ ಆರೋಗ್ಯ ಕೇಂದ್ರದ ಕಟ್ಟಡ ದುರಸ್ತಿ ಹಾಗೂ ಮಳೆ ನೀರು ನಿರ್ವಹಣೆ ಕಾಮಗಾರಿ	5.41	25,000/-
10	ಧಾರವಾಡ ಜಿಲ್ಲೆಯ 100 ಹಾಸಿಗೆಗಳ ಆಸ್ಪತ್ರೆ ಕಟ್ಟಡದ ವಿವಿಧ ದುರಸ್ತಿ ಹಾಗೂ ನವೀಕರಣ ಕಾಮಗಾರಿ	21.85	44,000/-
11	ಹುಬ್ಬಳ್ಳಿ ತಾಲೂಕಿನ 30-50 ಹಾಸಿಗೆಗಳ ಆಸ್ಪತ್ರೆಯ ವೈದ್ಯಕೀಯ ಅನಿಲ ಪೈಪ್‌ಲೈನ್ ಹಾಗೂ ವಿದ್ಯುತ್ ದುರಸ್ತಿ ಕಾಮಗಾರಿ	11.38	28,000/-
12	ಕಲಘಟಗಿ ತಾಲೂಕಾ ಆಸ್ಪತ್ರೆಯ ಕಟ್ಟಡ ಮೇಲ್ದರ್ಜೆಗೇರಿಸುವ ಹಾಗೂ ಒಳಾಂಗಣ ದುರಸ್ತಿ ಕಾಮಗಾರಿ	24.50	49,000/-
13	ನವಲಗುಂದ ತಾಲೂಕಾ ಆಸ್ಪತ್ರೆ ಕಟ್ಟಡದ ದುರಸ್ತಿ, ಛಾವಣಿ ಬದಲಾವಣೆ ಹಾಗೂ ನವೀಕರಣ ಕಾಮಗಾರಿ	27.00	54,000/-
14	ಧಾರವಾಡ ಜಿಲ್ಲಾ ಆಸ್ಪತ್ರೆ ಆವರಣದಲ್ಲಿ ಔಷಧ ಉಗ್ರಾಣ ಕಟ್ಟಡ ದುರಸ್ತಿ ಹಾಗೂ ವಿಸ್ತರಣೆ ಕಾಮಗಾರಿ	13.98	28,000/-
15	ಧಾರವಾಡ ತಾಲೂಕಿನ ಪ್ರಾಥಮಿಕ ಆರೋಗ್ಯ ಕೇಂದ್ರದ ಹಳೆಯ ಶಿಥಿಲ ಕಟ್ಟಡವನ್ನು ನೆಲಸಮಗೊಳಿಸಿ ತೆರವುಗೊಳಿಸುವ ಕಾಮಗಾರಿ	0.57	0.01
16	ಹುಬ್ಬಳ್ಳಿ ತಾಲೂಕಿನ ಪ್ರಾಥಮಿಕ ಆರೋಗ್ಯ ಕೇಂದ್ರದ ಹಳೆಯ ಶಿಥಿಲ ಕಟ್ಟಡವನ್ನು ನೆಲಸಮಗೊಳಿಸಿ ತೆರವುಗೊಳಿಸುವ ಕಾಮಗಾರಿ	0.55	0.01
17	ಕಲಘಟಗಿ ತಾಲೂಕಿನ ಪ್ರಾಥಮಿಕ ಆರೋಗ್ಯ ಕೇಂದ್ರದ ಹಳೆಯ ಶಿಥಿಲ ಕಟ್ಟಡವನ್ನು ನೆಲಸಮಗೊಳಿಸಿ ತೆರವುಗೊಳಿಸುವ ಕಾಮಗಾರಿ	0.55	0.01
18	ಕುಂದಗೋಳ ತಾಲೂಕಿನ ಆರೋಗ್ಯ ಉಪ ಕೇಂದ್ರದ ಹಳೆಯ ಶಿಥಿಲ ಕಟ್ಟಡವನ್ನು ನೆಲಸಮಗೊಳಿಸಿ ತೆರವುಗೊಳಿಸುವ ಕಾಮಗಾರಿ	0.55	0.01
19	ನವಲಗುಂದ ತಾಲೂಕಿನ ಆರೋಗ್ಯ ಉಪ ಕೇಂದ್ರದ ಹಳೆಯ ಶಿಥಿಲ ಕಟ್ಟಡವನ್ನು ನೆಲಸಮಗೊಳಿಸಿ ತೆರವುಗೊಳಿಸುವ ಕಾಮಗಾರಿ	0.55	0.01
20	ಅಳ್ನಾವರ ತಾಲೂಕಿನ ಪ್ರಾಥಮಿಕ ಆರೋಗ್ಯ ಕೇಂದ್ರದ ಹಳೆಯ ಶಿಥಿಲ ಕಟ್ಟಡವನ್ನು ನೆಲಸಮಗೊಳಿಸಿ ತೆರವುಗೊಳಿಸುವ ಕಾಮಗಾರಿ	0.55	0.01
21	ಧಾರವಾಡ ಜಿಲ್ಲೆಯ ವಿವಿಧ ಪ್ರಾಥಮಿಕ ಆರೋಗ್ಯ ಕೇಂದ್ರಗಳಲ್ಲಿ ಕುಡಿಯುವ ನೀರು ಹಾಗೂ ಶೌಚಾಲಯ ಸೌಲಭ್ಯ ಒದಗಿಸುವ ಕಾಮಗಾರಿ	5.45	25,000/-
22	ಹುಬ್ಬಳ್ಳಿ ನಗರದ ಹೆರಿಗೆ ಆಸ್ಪತ್ರೆ ಕಟ್ಟಡದ ನವೀಕರಣ ಹಾಗೂ ವಿದ್ಯುದ್ದೀಕರಣ ಕಾಮಗಾರಿ	16.24	41,000/-
23	ಕುಂದಗೋಳ ತಾಲೂಕಿನ ಆರೋಗ್ಯ ಉಪ ಕೇಂದ್ರದ ಕಟ್ಟಡ ದುರಸ್ತಿ ಕಾಮಗಾರಿ	2.06	25,000/-
24	ಅಳ್ನಾವರ ತಾಲೂಕಿನ ಆರೋಗ್ಯ ಉಪ ಕೇಂದ್ರದ ಕಟ್ಟಡ ದುರಸ್ತಿ ಹಾಗೂ ಸುಣ್ಣ-ಬಣ್ಣ ಕಾಮಗಾರಿ	2.10	25,000/-
25	ಧಾರವಾಡ ತಾಲೂಕಿನ ಆಯುಷ್ಮಾನ್ ಆರೋಗ್ಯ ಮಂದಿರದ ಕಟ್ಟಡ ದುರಸ್ತಿ ಕಾಮಗಾರಿ	2.25	25,000/-
26	ನವಲಗುಂದ ತಾಲೂಕಿನ ಆಯುಷ್ಮಾನ್ ಆರೋಗ್ಯ ಮಂದಿರದ ಕಟ್ಟಡ ದುರಸ್ತಿ ಕಾಮಗಾರಿ	2.15	25,000/-
27	ಧಾರವಾಡ ಜಿಲ್ಲೆಯಲ್ಲಿ 50 ಹಾಸಿಗೆಗಳ ಸಮುದಾಯ ಆರೋಗ್ಯ ಕೇಂದ್ರದ ಹೊಸ ಕಟ್ಟಡ ನಿರ್ಮಾಣ ಕಾಮಗಾರಿ (ಮೂಲಸೌಕರ್ಯ ಸಹಿತ)	148.25	2,96,000/-
28	ಹುಬ್ಬಳ್ಳಿ ತಾಲೂಕಿನ ಪ್ರಾಥಮಿಕ ಆರೋಗ್ಯ ಕೇಂದ್ರದ ಆವರಣ ಗೋಡೆ ಹಾಗೂ ಗೇಟ್ ನಿರ್ಮಾಣ ಕಾಮಗಾರಿ	4.65	25,000/-
29	ಕಲಘಟಗಿ ತಾಲೂಕಿನ ಪ್ರಾಥಮಿಕ ಆರೋಗ್ಯ ಕೇಂದ್ರದ ಸಿಬ್ಬಂದಿ ವಸತಿಗೃಹ ದುರಸ್ತಿ ಕಾಮಗಾರಿ	4.80	25,000/-
30	ಧಾರವಾಡ ತಾಲೂಕಿನ ಪ್ರಾಥಮಿಕ ಆರೋಗ್ಯ ಕೇಂದ್ರದ ಒಳಚರಂಡಿ ಹಾಗೂ ಶೌಚಾಲಯ ದುರಸ್ತಿ ಕಾಮಗಾರಿ	4.55	25,000/-
31	ಕುಂದಗೋಳ ತಾಲೂಕಿನ ಸಮುದಾಯ ಆರೋಗ್ಯ ಕೇಂದ್ರದ ವಿದ್ಯುತ್ ಹಾಗೂ ನೀರು ಸರಬರಾಜು ದುರಸ್ತಿ ಕಾಮಗಾರಿ	4.70	25,000/-

ಟೆಂಡರ್ ಪ್ರಕಟಣೆ ವೇಳಾಪಟ್ಟಿ ಮತ್ತು ಇತರೆ ವಿವರಗಳು : (1) ಟೆಂಡರನ್ನು ಆನ್‌ಲೈನ್ ಮುಖಾಂತರ ಸಲ್ಲಿಸಲು ಕೊನೆಯ ದಿನಾಂಕ: 09.10.2025 ರಂದು 4.00 ಘಂಟೆಯವರೆಗೆ. (2) ಟೆಂಡರ್ ತೆರೆಯುವ ದಿನಾಂಕ: 10.10.2025 ರಂದು 4.30 ಘಂಟೆಗೆ.

ಸೂಚನೆ : (1) ಈ ಕೆಳಗೆ ಸಹಿ ಮಾಡಿದವರ ಕಚೇರಿಯಲ್ಲಿ ಟೆಂಡರ್ ಕುರಿತು ಹೆಚ್ಚಿನ ಮಾಹಿತಿಯನ್ನು ಕಚೇರಿ ವೇಳೆಯಲ್ಲಿ ಪಡೆಯಬಹುದು. (2) ಟೆಂಡರ್ ದಾಖಲೆಗಳನ್ನು ಕೆಪಿಪಿ ಪೋರ್ಟಲ್ ಮುಖಾಂತರ ಮಾತ್ರ ಸಲ್ಲಿಸತಕ್ಕದ್ದು. (3) ಯಾವುದೇ ಟೆಂಡರನ್ನು ಕಾರಣ ನೀಡದೆ ತಿರಸ್ಕರಿಸುವ ಅಧಿಕಾರವನ್ನು ಕಾಯ್ದಿರಿಸಲಾಗಿದೆ. (4) ನಿಗದಿತ ಇಎಂಡಿ ಹಾಗೂ ದಾಖಲೆಗಳಿಲ್ಲದ ಟೆಂಡರ್‌ಗಳನ್ನು ಪರಿಗಣಿಸಲಾಗುವುದಿಲ್ಲ.

ಜಾ.ಸಂ.ಕ/ಕಾನಿಇ/ಧಾರವಾಡ/722/2025-26	ಸಹಿ/- ಕಾರ್ಯನಿರ್ವಾಹಕ ಅಭಿಯಂತರರು, ಆ.ಕು.ಕ. ಇಂಜಿನಿಯರಿಂಗ್ ಘಟಕ ವಿಭಾಗ, ಧಾರವಾಡ
